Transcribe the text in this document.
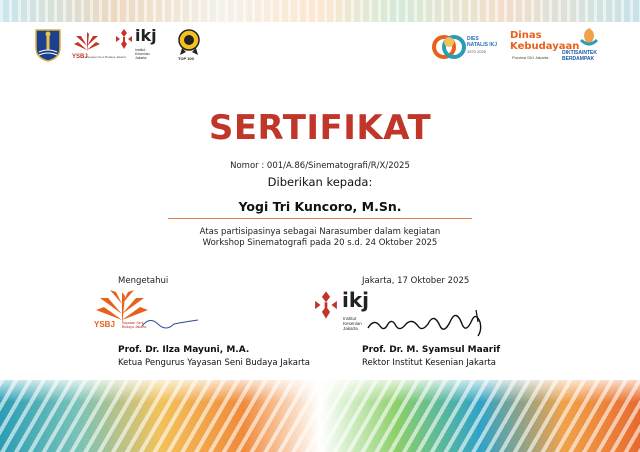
YSBJ
Yayasan Seni Budaya Jakarta
ikj
Institut Kesenian Jakarta	TOP 100
DIES NATALIS IKJ
1970 2025
Dinas Kebudayaan
Provinsi DKI Jakarta
DIKTISAINTEK BERDAMPAK
SERTIFIKAT
Nomor : 001/A.86/Sinematografi/R/X/2025
Diberikan kepada:
Yogi Tri Kuncoro, M.Sn.
Atas partisipasinya sebagai Narasumber dalam kegiatan
Workshop Sinematografi pada 20 s.d. 24 Oktober 2025
Mengetahui
YSBJ Yayasan Seni Budaya Jakarta
Prof. Dr. Ilza Mayuni, M.A.
Ketua Pengurus Yayasan Seni Budaya Jakarta
Jakarta, 17 Oktober 2025
ikj
Institut Kesenian Jakarta
Prof. Dr. M. Syamsul Maarif
Rektor Institut Kesenian Jakarta
